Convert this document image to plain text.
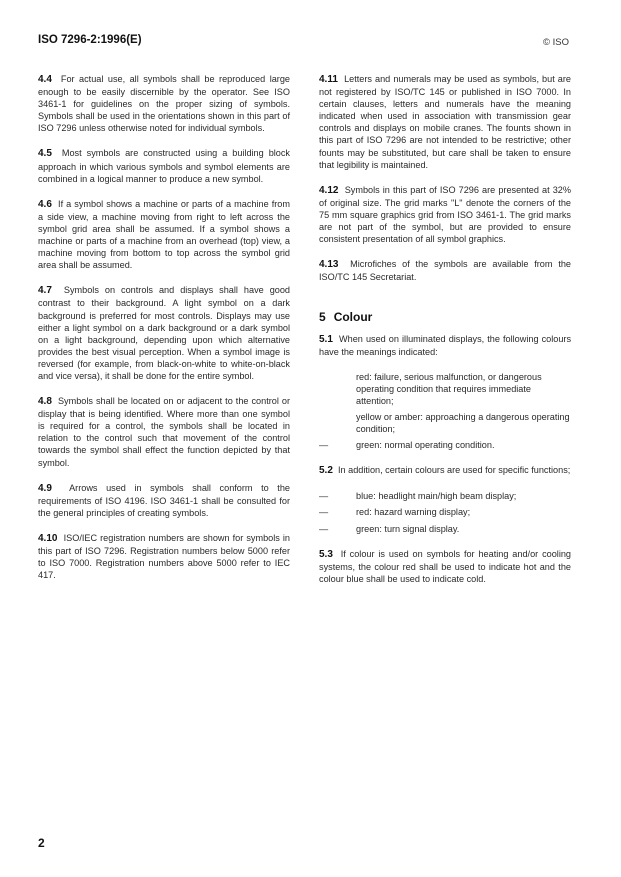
ISO 7296-2:1996(E)	© ISO

4.4 For actual use, all symbols shall be reproduced large enough to be easily discernible by the operator. See ISO 3461-1 for guidelines on the proper sizing of symbols. Symbols shall be used in the orientations shown in this part of ISO 7296 unless otherwise noted for individual symbols.

4.5 Most symbols are constructed using a building block approach in which various symbols and symbol elements are combined in a logical manner to produce a new symbol.

4.6 If a symbol shows a machine or parts of a machine from a side view, a machine moving from right to left across the symbol grid area shall be assumed. If a symbol shows a machine or parts of a machine from an overhead (top) view, a machine moving from bottom to top across the symbol grid area shall be assumed.

4.7 Symbols on controls and displays shall have good contrast to their background. A light symbol on a dark background is preferred for most controls. Displays may use either a light symbol on a dark background or a dark symbol on a light background, depending upon which alternative provides the best visual perception. When a symbol image is reversed (for example, from black-on-white to white-on-black and vice versa), it shall be done for the entire symbol.

4.8 Symbols shall be located on or adjacent to the control or display that is being identified. Where more than one symbol is required for a control, the symbols shall be located in relation to the control such that movement of the control towards the symbol shall effect the function depicted by that symbol.

4.9 Arrows used in symbols shall conform to the requirements of ISO 4196. ISO 3461-1 shall be consulted for the general principles of creating symbols.

4.10 ISO/IEC registration numbers are shown for symbols in this part of ISO 7296. Registration numbers below 5000 refer to ISO 7000. Registration numbers above 5000 refer to IEC 417.

4.11 Letters and numerals may be used as symbols, but are not registered by ISO/TC 145 or published in ISO 7000. In certain clauses, letters and numerals have the meaning indicated when used in association with transmission gear controls and displays on mobile cranes. The founts shown in this part of ISO 7296 are not intended to be restrictive; other founts may be substituted, but care shall be taken to ensure that legibility is maintained.

4.12 Symbols in this part of ISO 7296 are presented at 32% of original size. The grid marks "L" denote the corners of the 75 mm square graphics grid from ISO 3461-1. The grid marks are not part of the symbol, but are provided to ensure consistent presentation of all symbol graphics.

4.13 Microfiches of the symbols are available from the ISO/TC 145 Secretariat.

5 Colour

5.1 When used on illuminated displays, the following colours have the meanings indicated:

red: failure, serious malfunction, or dangerous operating condition that requires immediate attention;
yellow or amber: approaching a dangerous operating condition;
—	green: normal operating condition.

5.2 In addition, certain colours are used for specific functions;

—	blue: headlight main/high beam display;
—	red: hazard warning display;
—	green: turn signal display.

5.3 If colour is used on symbols for heating and/or cooling systems, the colour red shall be used to indicate hot and the colour blue shall be used to indicate cold.

2
